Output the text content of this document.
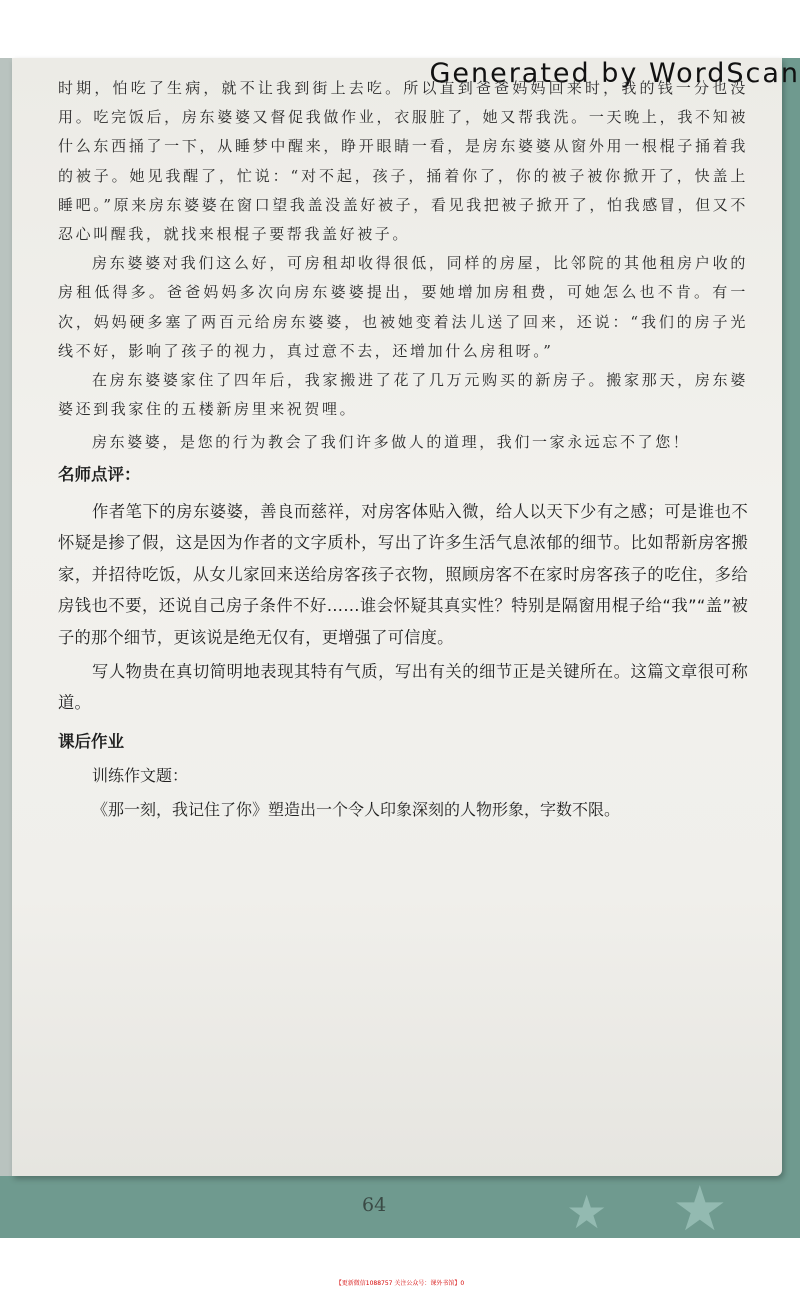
Generated by WordScan

时期，怕吃了生病，就不让我到街上去吃。所以直到爸爸妈妈回来时，我的钱一分也没用。吃完饭后，房东婆婆又督促我做作业，衣服脏了，她又帮我洗。一天晚上，我不知被什么东西捅了一下，从睡梦中醒来，睁开眼睛一看，是房东婆婆从窗外用一根棍子捅着我的被子。她见我醒了，忙说：“对不起，孩子，捅着你了，你的被子被你掀开了，快盖上睡吧。”原来房东婆婆在窗口望我盖没盖好被子，看见我把被子掀开了，怕我感冒，但又不忍心叫醒我，就找来根棍子要帮我盖好被子。

房东婆婆对我们这么好，可房租却收得很低，同样的房屋，比邻院的其他租房户收的房租低得多。爸爸妈妈多次向房东婆婆提出，要她增加房租费，可她怎么也不肯。有一次，妈妈硬多塞了两百元给房东婆婆，也被她变着法儿送了回来，还说：“我们的房子光线不好，影响了孩子的视力，真过意不去，还增加什么房租呀。”

在房东婆婆家住了四年后，我家搬进了花了几万元购买的新房子。搬家那天，房东婆婆还到我家住的五楼新房里来祝贺哩。

房东婆婆，是您的行为教会了我们许多做人的道理，我们一家永远忘不了您！

名师点评：

作者笔下的房东婆婆，善良而慈祥，对房客体贴入微，给人以天下少有之感；可是谁也不怀疑是掺了假，这是因为作者的文字质朴，写出了许多生活气息浓郁的细节。比如帮新房客搬家，并招待吃饭，从女儿家回来送给房客孩子衣物，照顾房客不在家时房客孩子的吃住，多给房钱也不要，还说自己房子条件不好……谁会怀疑其真实性？特别是隔窗用棍子给“我”“盖”被子的那个细节，更该说是绝无仅有，更增强了可信度。

写人物贵在真切简明地表现其特有气质，写出有关的细节正是关键所在。这篇文章很可称道。

课后作业

训练作文题：

《那一刻，我记住了你》塑造出一个令人印象深刻的人物形象，字数不限。

64	★ ★
【更新微信1088757 关注公众号：课外书馆】0
